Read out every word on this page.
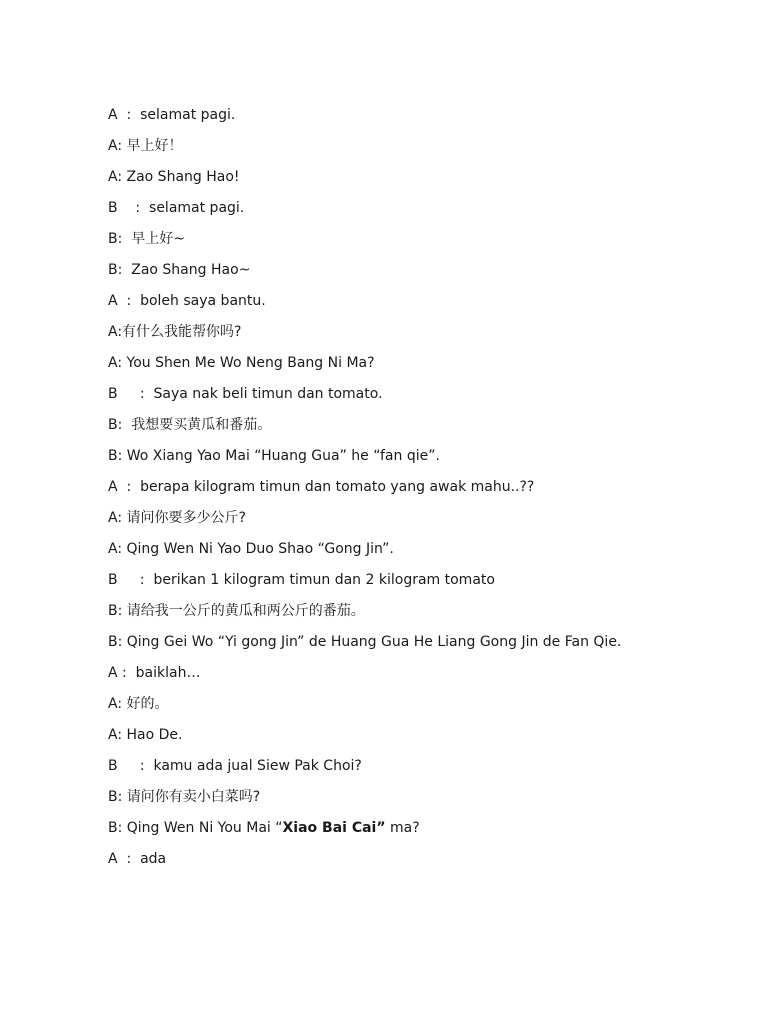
A  :  selamat pagi.
A: 早上好！
A: Zao Shang Hao!
B    :  selamat pagi.
B:  早上好~
B:  Zao Shang Hao~
A  :  boleh saya bantu.
A:有什么我能帮你吗?
A: You Shen Me Wo Neng Bang Ni Ma?
B     :  Saya nak beli timun dan tomato.
B:  我想要买黄瓜和番茄。
B: Wo Xiang Yao Mai “Huang Gua” he “fan qie”.
A  :  berapa kilogram timun dan tomato yang awak mahu..??
A: 请问你要多少公斤?
A: Qing Wen Ni Yao Duo Shao “Gong Jin”.
B     :  berikan 1 kilogram timun dan 2 kilogram tomato
B: 请给我一公斤的黄瓜和两公斤的番茄。
B: Qing Gei Wo “Yi gong Jin” de Huang Gua He Liang Gong Jin de Fan Qie.
A :  baiklah…
A: 好的。
A: Hao De.
B     :  kamu ada jual Siew Pak Choi?
B: 请问你有卖小白菜吗?
B: Qing Wen Ni You Mai “Xiao Bai Cai” ma?
A  :  ada
